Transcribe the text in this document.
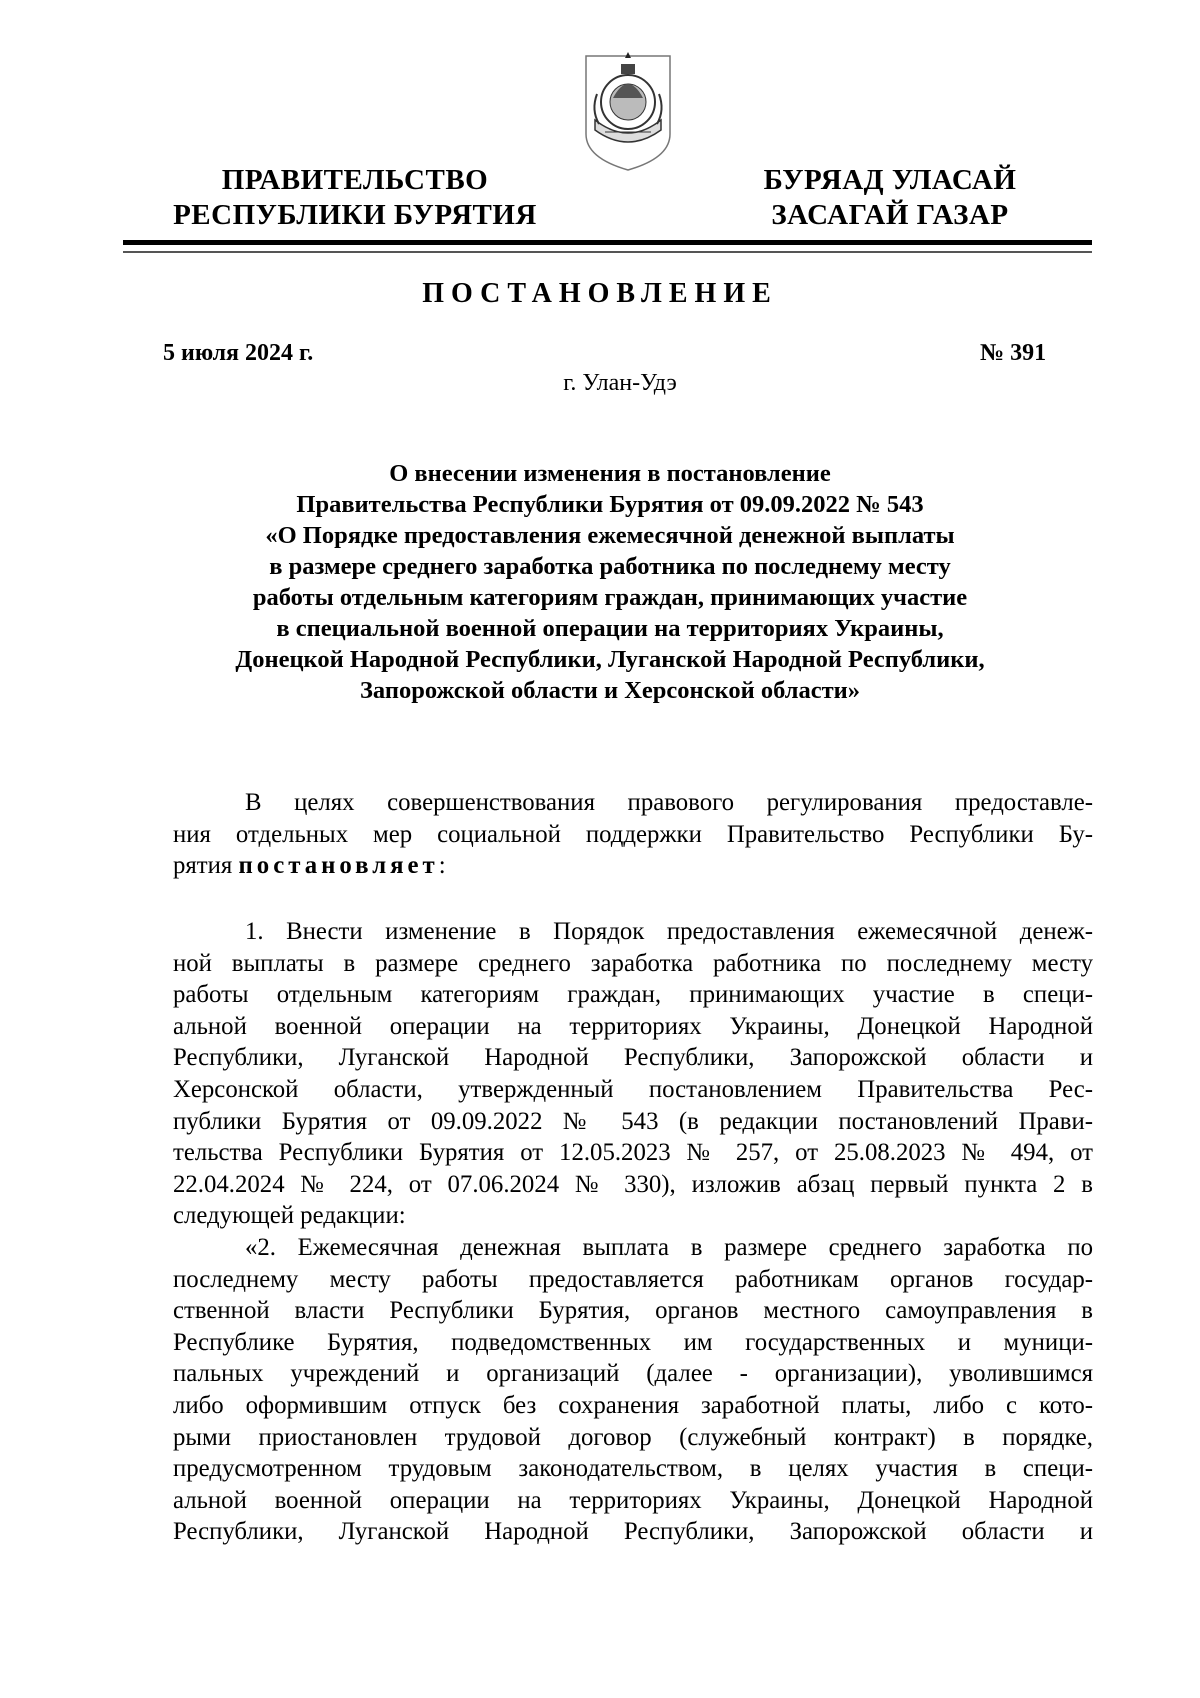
ПРАВИТЕЛЬСТВО
РЕСПУБЛИКИ БУРЯТИЯ
БУРЯАД УЛАСАЙ
ЗАСАГАЙ ГАЗАР
ПОСТАНОВЛЕНИЕ
5 июля 2024 г.	№ 391
г. Улан-Удэ
О внесении изменения в постановление
Правительства Республики Бурятия от 09.09.2022 № 543
«О Порядке предоставления ежемесячной денежной выплаты
в размере среднего заработка работника по последнему месту
работы отдельным категориям граждан, принимающих участие
в специальной военной операции на территориях Украины,
Донецкой Народной Республики, Луганской Народной Республики,
Запорожской области и Херсонской области»
В целях совершенствования правового регулирования предоставле-
ния отдельных мер социальной поддержки Правительство Республики Бу-
рятия постановляет:
1. Внести изменение в Порядок предоставления ежемесячной денеж-
ной выплаты в размере среднего заработка работника по последнему месту
работы отдельным категориям граждан, принимающих участие в специ-
альной военной операции на территориях Украины, Донецкой Народной
Республики, Луганской Народной Республики, Запорожской области и
Херсонской области, утвержденный постановлением Правительства Рес-
публики Бурятия от 09.09.2022 № 543 (в редакции постановлений Прави-
тельства Республики Бурятия от 12.05.2023 № 257, от 25.08.2023 № 494, от
22.04.2024 № 224, от 07.06.2024 № 330), изложив абзац первый пункта 2 в
следующей редакции:
«2. Ежемесячная денежная выплата в размере среднего заработка по
последнему месту работы предоставляется работникам органов государ-
ственной власти Республики Бурятия, органов местного самоуправления в
Республике Бурятия, подведомственных им государственных и муници-
пальных учреждений и организаций (далее - организации), уволившимся
либо оформившим отпуск без сохранения заработной платы, либо с кото-
рыми приостановлен трудовой договор (служебный контракт) в порядке,
предусмотренном трудовым законодательством, в целях участия в специ-
альной военной операции на территориях Украины, Донецкой Народной
Республики, Луганской Народной Республики, Запорожской области и
